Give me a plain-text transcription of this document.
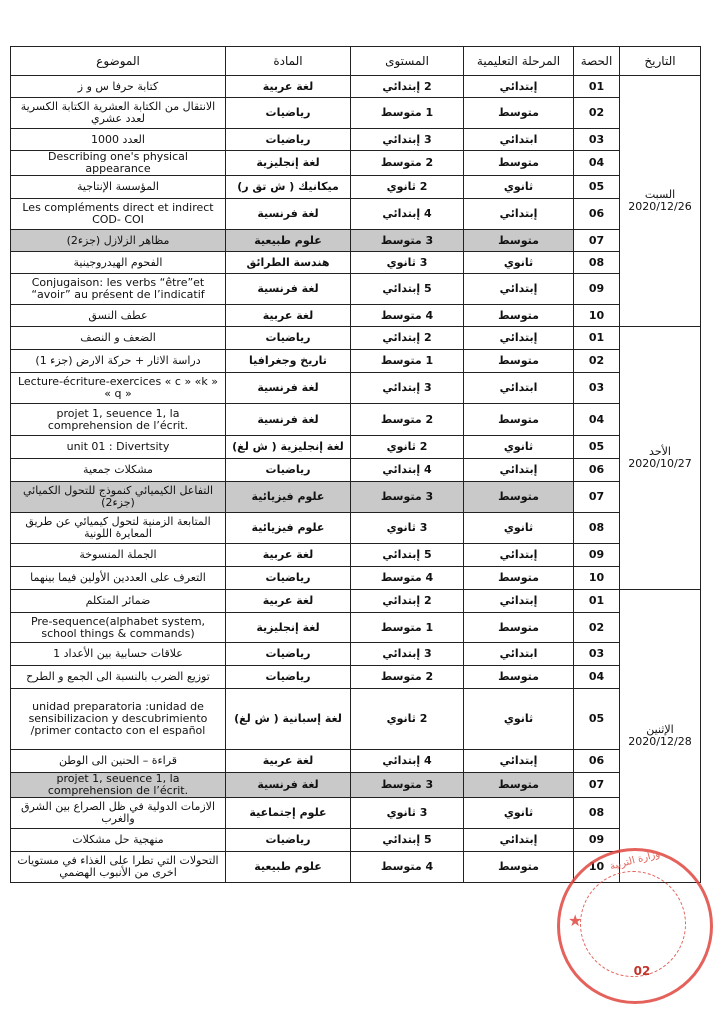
التاريخ	الحصة	المرحلة التعليمية	المستوى	المادة	الموضوع

السبت
2020/12/26	01	إبتدائي	2 إبتدائي	لغة عربية	كتابة حرفا س و ز
	02	متوسط	1 متوسط	رياضيات	الانتقال من الكتابة العشرية الكتابة الكسرية لعدد عشري
	03	ابتدائي	3 إبتدائي	رياضيات	العدد 1000
	04	متوسط	2 متوسط	لغة إنجليزية	Describing one's physical appearance
	05	ثانوي	2 ثانوي	ميكانيك ( ش تق ر)	المؤسسة الإنتاجية
	06	إبتدائي	4 إبتدائي	لغة فرنسية	Les compléments direct et indirect COD- COI
	07	متوسط	3 متوسط	علوم طبيعية	مظاهر الزلازل (جزء2)
	08	ثانوي	3 ثانوي	هندسة الطرائق	الفحوم الهيدروجينية
	09	إبتدائي	5 إبتدائي	لغة فرنسية	Conjugaison: les verbs “être”et “avoir” au présent de l’indicatif
	10	متوسط	4 متوسط	لغة عربية	عطف النسق

الأحد
2020/10/27	01	إبتدائي	2 إبتدائي	رياضيات	الضعف و النصف
	02	متوسط	1 متوسط	تاريخ وجغرافيا	دراسة الاثار + حركة الارض (جزء 1)
	03	ابتدائي	3 إبتدائي	لغة فرنسية	Lecture-écriture-exercices « c » «k » « q »
	04	متوسط	2 متوسط	لغة فرنسية	projet 1, seuence 1, la comprehension de l’écrit.
	05	ثانوي	2 ثانوي	لغة إنجليزية ( ش لغ)	unit 01 : Divertsity
	06	إبتدائي	4 إبتدائي	رياضيات	مشكلات جمعية
	07	متوسط	3 متوسط	علوم فيزيائية	التفاعل الكيميائي كنموذج للتحول الكميائي (جزء2)
	08	ثانوي	3 ثانوي	علوم فيزيائية	المتابعة الزمنية لتحول كيميائي عن طريق المعايرة اللونية
	09	إبتدائي	5 إبتدائي	لغة عربية	الجملة المنسوخة
	10	متوسط	4 متوسط	رياضيات	التعرف على العددين الأولين فيما بينهما

الإثنين
2020/12/28	01	إبتدائي	2 إبتدائي	لغة عربية	ضمائر المتكلم
	02	متوسط	1 متوسط	لغة إنجليزية	Pre-sequence(alphabet system, school things & commands)
	03	ابتدائي	3 إبتدائي	رياضيات	علاقات حسابية بين الأعداد 1
	04	متوسط	2 متوسط	رياضيات	توزيع الضرب بالنسبة الى الجمع و الطرح
	05	ثانوي	2 ثانوي	لغة إسبانية ( ش لغ)	unidad preparatoria :unidad de sensibilizacion y descubrimiento /primer contacto con el español
	06	إبتدائي	4 إبتدائي	لغة عربية	قراءة – الحنين الى الوطن
	07	متوسط	3 متوسط	لغة فرنسية	projet 1, seuence 1, la comprehension de l’écrit.
	08	ثانوي	3 ثانوي	علوم إجتماعية	الازمات الدولية في ظل الصراع بين الشرق والغرب
	09	إبتدائي	5 إبتدائي	رياضيات	منهجية حل مشكلات
	10	متوسط	4 متوسط	علوم طبيعية	التحولات التي تطرا على الغذاء في مستويات اخرى من الأنبوب الهضمي
★
وزارة التربية
02
